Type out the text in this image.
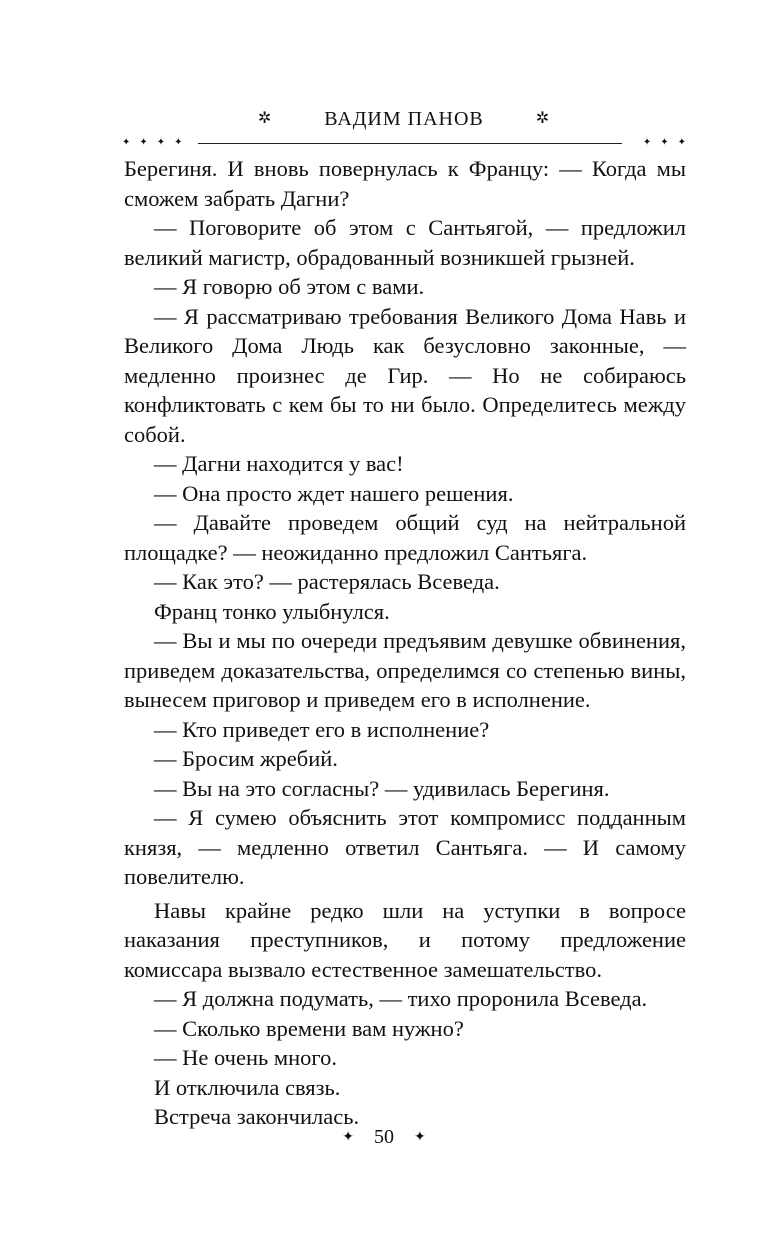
✲	ВАДИМ ПАНОВ	✲
✦✦✦✦	✦✦✦

Берегиня. И вновь повернулась к Францу: — Когда мы сможем забрать Дагни?

— Поговорите об этом с Сантьягой, — предложил великий магистр, обрадованный возникшей грызней.

— Я говорю об этом с вами.

— Я рассматриваю требования Великого Дома Навь и Великого Дома Людь как безусловно законные, — медленно произнес де Гир. — Но не собираюсь конфликтовать с кем бы то ни было. Определитесь между собой.

— Дагни находится у вас!

— Она просто ждет нашего решения.

— Давайте проведем общий суд на нейтральной площадке? — неожиданно предложил Сантьяга.

— Как это? — растерялась Всеведа.

Франц тонко улыбнулся.

— Вы и мы по очереди предъявим девушке обвинения, приведем доказательства, определимся со степенью вины, вынесем приговор и приведем его в исполнение.

— Кто приведет его в исполнение?

— Бросим жребий.

— Вы на это согласны? — удивилась Берегиня.

— Я сумею объяснить этот компромисс подданным князя, — медленно ответил Сантьяга. — И самому повелителю.

Навы крайне редко шли на уступки в вопросе наказания преступников, и потому предложение комиссара вызвало естественное замешательство.

— Я должна подумать, — тихо проронила Всеведа.

— Сколько времени вам нужно?

— Не очень много.

И отключила связь.

Встреча закончилась.

✦ 50 ✦
